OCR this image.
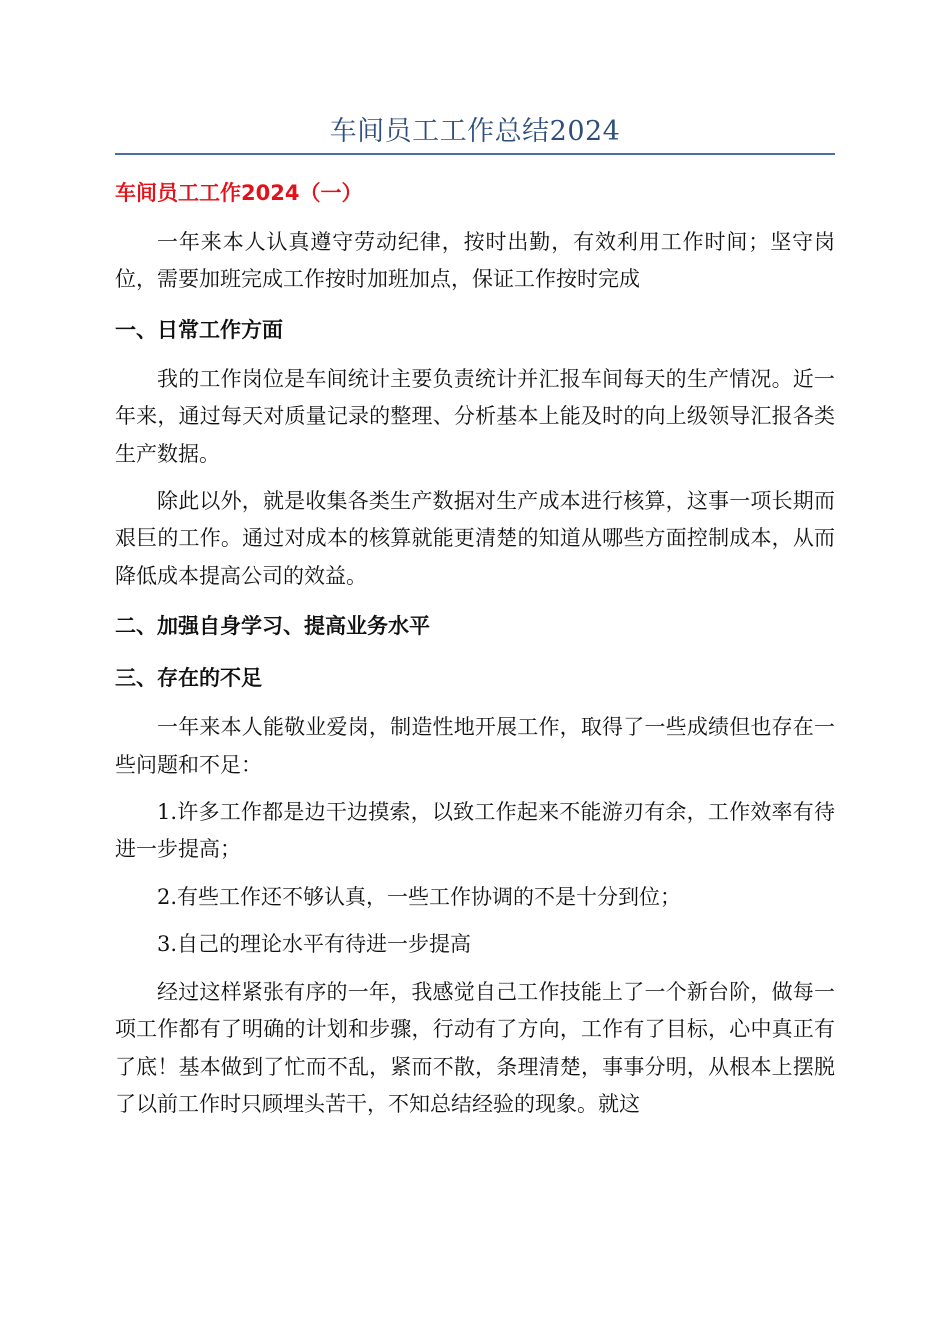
车间员工工作总结2024

车间员工工作2024（一）

一年来本人认真遵守劳动纪律，按时出勤，有效利用工作时间；坚守岗位，需要加班完成工作按时加班加点，保证工作按时完成

一、日常工作方面

我的工作岗位是车间统计主要负责统计并汇报车间每天的生产情况。近一年来，通过每天对质量记录的整理、分析基本上能及时的向上级领导汇报各类生产数据。

除此以外，就是收集各类生产数据对生产成本进行核算，这事一项长期而艰巨的工作。通过对成本的核算就能更清楚的知道从哪些方面控制成本，从而降低成本提高公司的效益。

二、加强自身学习、提高业务水平

三、存在的不足

一年来本人能敬业爱岗，制造性地开展工作，取得了一些成绩但也存在一些问题和不足：

1.许多工作都是边干边摸索，以致工作起来不能游刃有余，工作效率有待进一步提高；

2.有些工作还不够认真，一些工作协调的不是十分到位；

3.自己的理论水平有待进一步提高

经过这样紧张有序的一年，我感觉自己工作技能上了一个新台阶，做每一项工作都有了明确的计划和步骤，行动有了方向，工作有了目标，心中真正有了底！基本做到了忙而不乱，紧而不散，条理清楚，事事分明，从根本上摆脱了以前工作时只顾埋头苦干，不知总结经验的现象。就这
